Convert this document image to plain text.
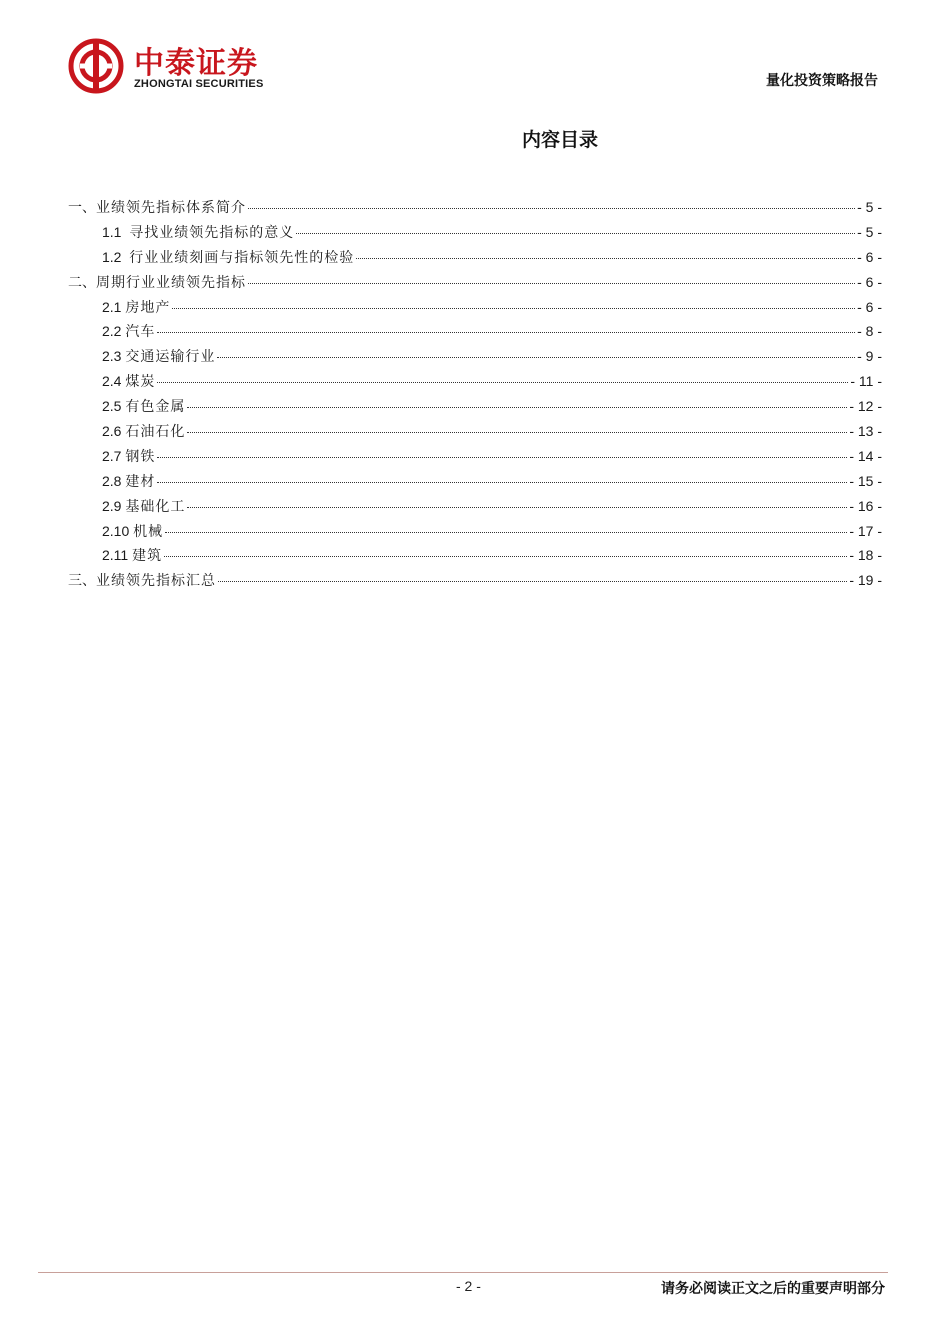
中泰证券
ZHONGTAI SECURITIES	量化投资策略报告
内容目录
一、 业绩领先指标体系简介	- 5 -
1.1 寻找业绩领先指标的意义	- 5 -
1.2 行业业绩刻画与指标领先性的检验	- 6 -
二、 周期行业业绩领先指标	- 6 -
2.1 房地产	- 6 -
2.2 汽车	- 8 -
2.3 交通运输行业	- 9 -
2.4 煤炭	- 11 -
2.5 有色金属	- 12 -
2.6 石油石化	- 13 -
2.7 钢铁	- 14 -
2.8 建材	- 15 -
2.9 基础化工	- 16 -
2.10 机械	- 17 -
2.11 建筑	- 18 -
三、 业绩领先指标汇总	- 19 -
- 2 -	请务必阅读正文之后的重要声明部分
